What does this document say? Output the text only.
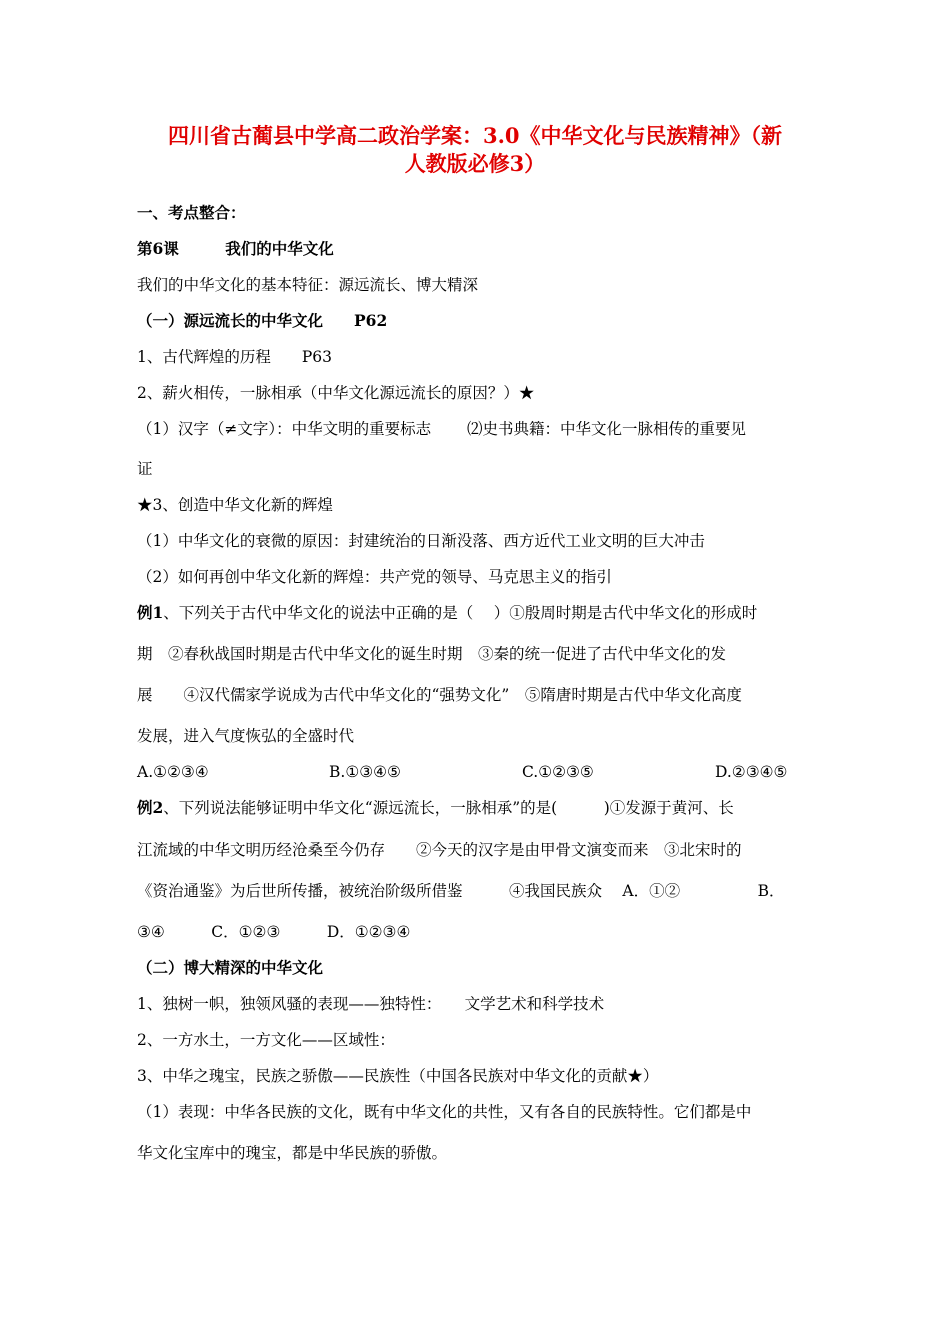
四川省古蔺县中学高二政治学案：3.0《中华文化与民族精神》（新
人教版必修3）
一、考点整合：
第6课　　　我们的中华文化
我们的中华文化的基本特征：源远流长、博大精深
（一）源远流长的中华文化　　P62
1、古代辉煌的历程　　P63
2、薪火相传，一脉相承（中华文化源远流长的原因？）★
（1）汉字（≠文字）：中华文明的重要标志　　 ⑵史书典籍：中华文化一脉相传的重要见
证
★3、创造中华文化新的辉煌
（1）中华文化的衰微的原因：封建统治的日渐没落、西方近代工业文明的巨大冲击
（2）如何再创中华文化新的辉煌：共产党的领导、马克思主义的指引
例1、下列关于古代中华文化的说法中正确的是（　 ）①殷周时期是古代中华文化的形成时
期　②春秋战国时期是古代中华文化的诞生时期　③秦的统一促进了古代中华文化的发
展　　④汉代儒家学说成为古代中华文化的“强势文化”　⑤隋唐时期是古代中华文化高度
发展，进入气度恢弘的全盛时代
A.①②③④	B.①③④⑤	C.①②③⑤	D.②③④⑤
例2、下列说法能够证明中华文化“源远流长，一脉相承”的是(　　　)①发源于黄河、长
江流域的中华文明历经沧桑至今仍存　　②今天的汉字是由甲骨文演变而来　③北宋时的
《资治通鉴》为后世所传播，被统治阶级所借鉴　　　④我国民族众　 A．①②　　　　　B．
③④　　　C．①②③　　　D．①②③④
（二）博大精深的中华文化
1、独树一帜，独领风骚的表现——独特性：　　文学艺术和科学技术
2、一方水土，一方文化——区域性：
3、中华之瑰宝，民族之骄傲——民族性（中国各民族对中华文化的贡献★）
（1）表现：中华各民族的文化，既有中华文化的共性，又有各自的民族特性。它们都是中
华文化宝库中的瑰宝，都是中华民族的骄傲。
